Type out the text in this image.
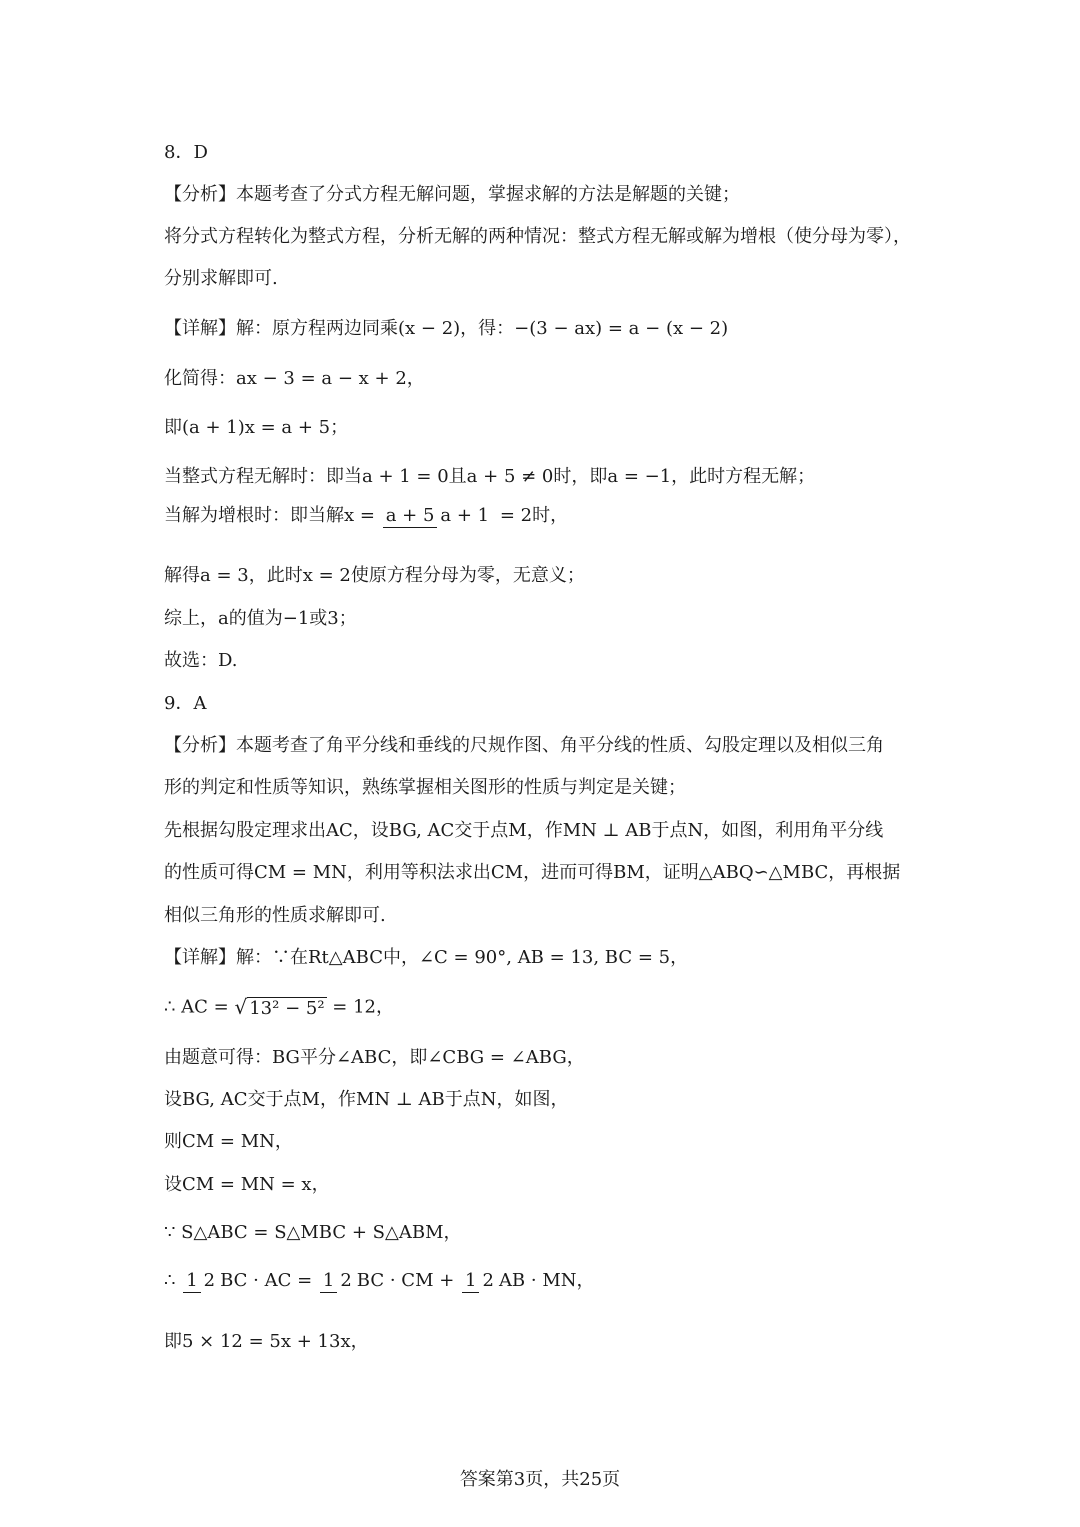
8．D
【分析】本题考查了分式方程无解问题，掌握求解的方法是解题的关键；
将分式方程转化为整式方程，分析无解的两种情况：整式方程无解或解为增根（使分母为零），
分别求解即可.
【详解】解：原方程两边同乘(x − 2)，得：−(3 − ax) = a − (x − 2)
化简得：ax − 3 = a − x + 2，
即(a + 1)x = a + 5；
当整式方程无解时：即当a + 1 = 0且a + 5 ≠ 0时，即a = −1，此时方程无解；
当解为增根时：即当解x = a + 5 a + 1 = 2时，
解得a = 3，此时x = 2使原方程分母为零，无意义；
综上，a的值为−1或3；
故选：D.
9．A
【分析】本题考查了角平分线和垂线的尺规作图、角平分线的性质、勾股定理以及相似三角
形的判定和性质等知识，熟练掌握相关图形的性质与判定是关键；
先根据勾股定理求出AC，设BG, AC交于点M，作MN ⊥ AB于点N，如图，利用角平分线
的性质可得CM = MN，利用等积法求出CM，进而可得BM，证明△ABQ∽△MBC，再根据
相似三角形的性质求解即可.
【详解】解：∵在Rt△ABC中，∠C = 90°, AB = 13, BC = 5，
∴ AC = √ 13² − 5² = 12，
由题意可得：BG平分∠ABC，即∠CBG = ∠ABG，
设BG, AC交于点M，作MN ⊥ AB于点N，如图，
则CM = MN，
设CM = MN = x，
∵ S△ABC = S△MBC + S△ABM，
∴ 1 2 BC · AC = 1 2 BC · CM + 1 2 AB · MN，
即5 × 12 = 5x + 13x，
答案第3页，共25页
